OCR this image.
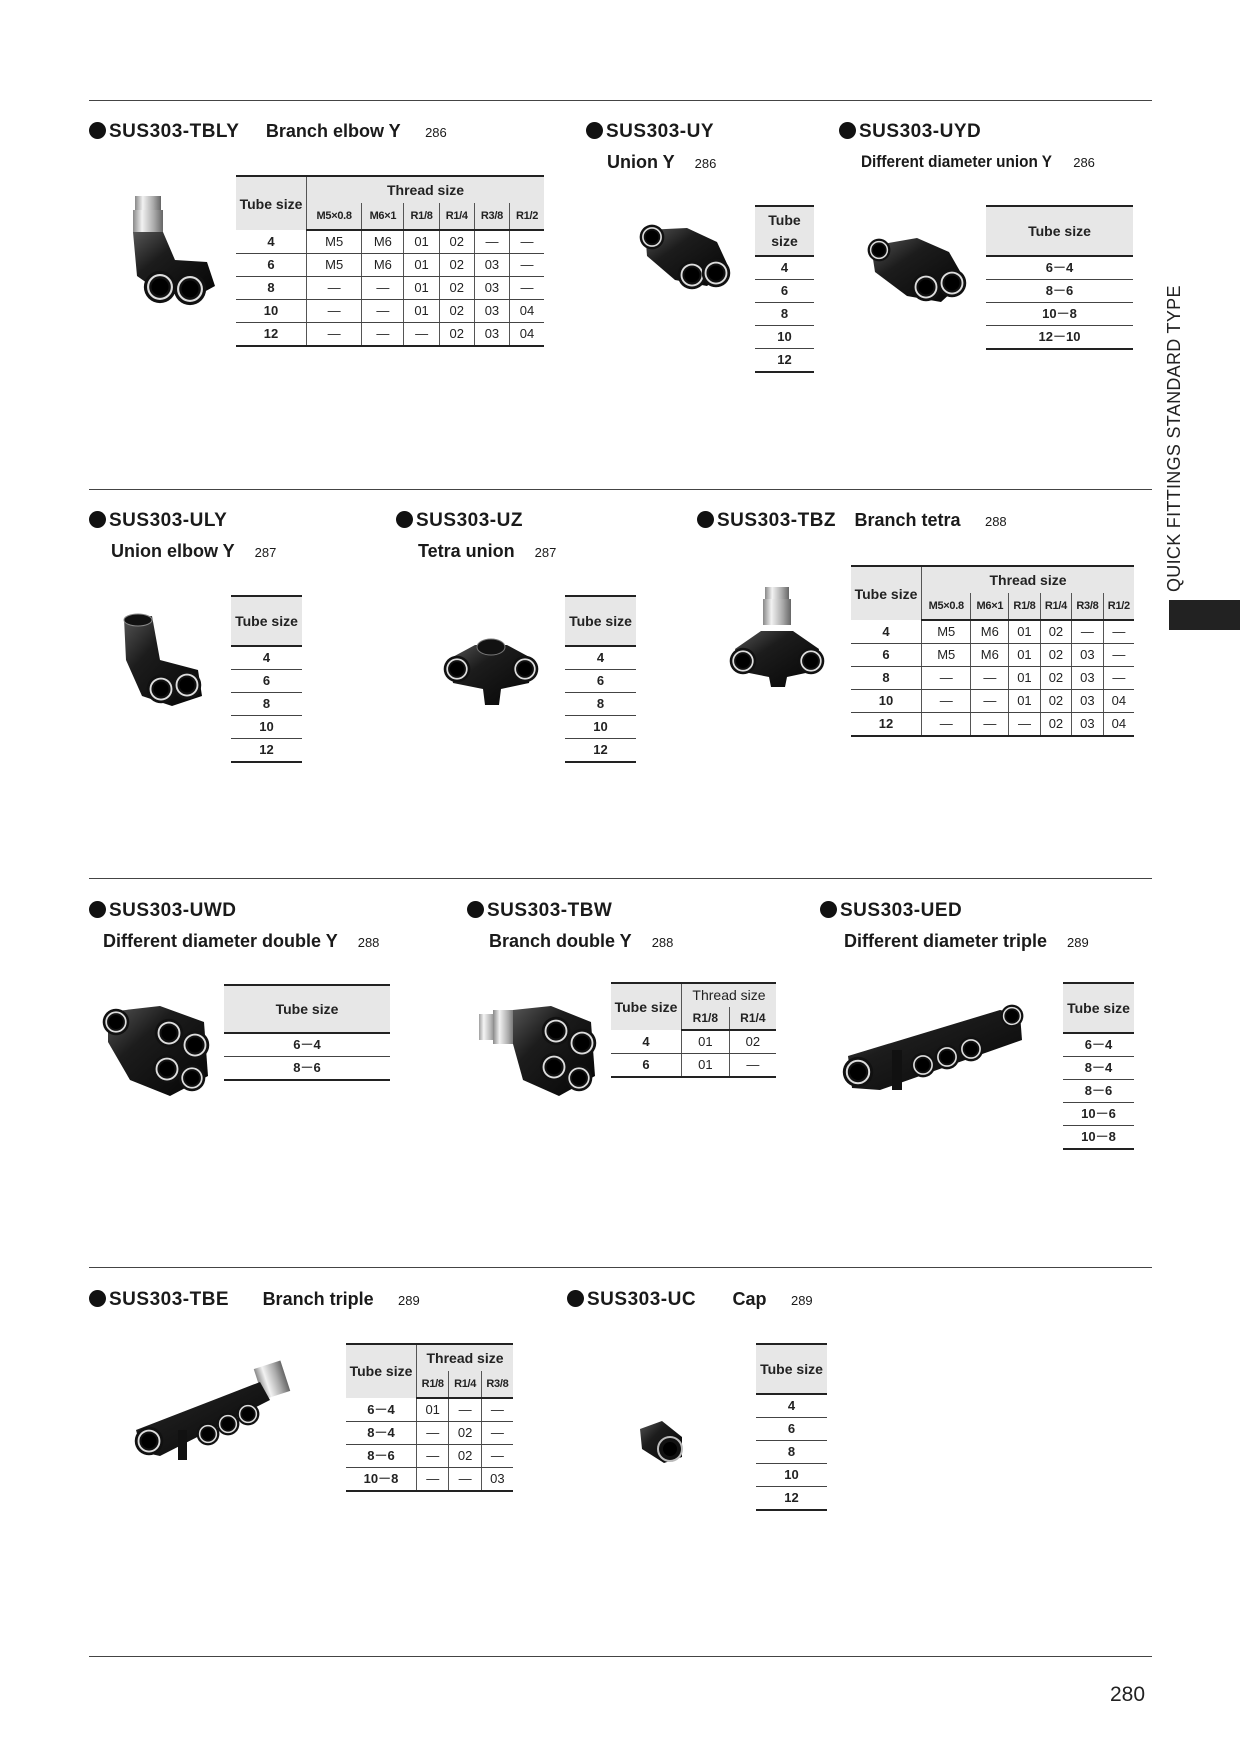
QUICK FITTINGS STANDARD TYPE
SUS303-TBLY Branch elbow Y 286
Tube size	Thread size					
	M5×0.8	M6×1	R1/8	R1/4	R3/8	R1/2
4	M5	M6	01	02	—	—
6	M5	M6	01	02	03	—
8	—	—	01	02	03	—
10	—	—	01	02	03	04
12	—	—	—	02	03	04
SUS303-UY
Union Y 286
Tube size
4
6
8
10
12
SUS303-UYD
Different diameter union Y 286
Tube size
6－4
8－6
10－8
12－10
SUS303-ULY
Union elbow Y 287
Tube size
4
6
8
10
12
SUS303-UZ
Tetra union 287
Tube size
4
6
8
10
12
SUS303-TBZ Branch tetra 288
Tube size	Thread size					
	M5×0.8	M6×1	R1/8	R1/4	R3/8	R1/2
4	M5	M6	01	02	—	—
6	M5	M6	01	02	03	—
8	—	—	01	02	03	—
10	—	—	01	02	03	04
12	—	—	—	02	03	04
SUS303-UWD
Different diameter double Y 288
Tube size
6－4
8－6
SUS303-TBW
Branch double Y 288
Tube size	Thread size	
	R1/8	R1/4
4	01	02
6	01	—
SUS303-UED
Different diameter triple 289
Tube size
6－4
8－4
8－6
10－6
10－8
SUS303-TBE Branch triple 289
Tube size	Thread size		
	R1/8	R1/4	R3/8
6－4	01	—	—
8－4	—	02	—
8－6	—	02	—
10－8	—	—	03
SUS303-UC Cap 289
Tube size
4
6
8
10
12
280
